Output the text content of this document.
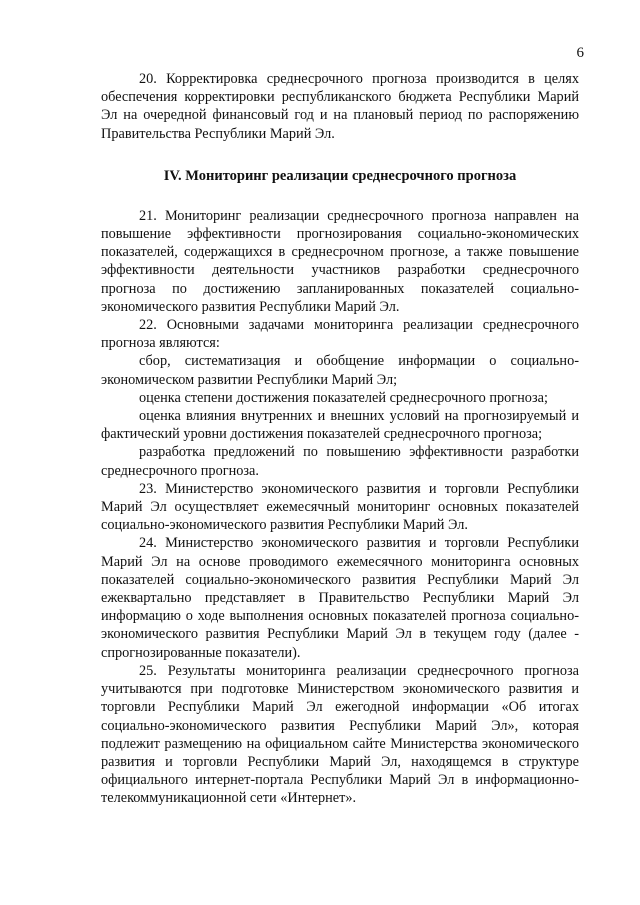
6

20. Корректировка среднесрочного прогноза производится в целях обеспечения корректировки республиканского бюджета Республики Марий Эл на очередной финансовый год и на плановый период по распоряжению Правительства Республики Марий Эл.

IV. Мониторинг реализации среднесрочного прогноза

21. Мониторинг реализации среднесрочного прогноза направлен на повышение эффективности прогнозирования социально-экономических показателей, содержащихся в среднесрочном прогнозе, а также повышение эффективности деятельности участников разработки среднесрочного прогноза по достижению запланированных показателей социально-экономического развития Республики Марий Эл.

22. Основными задачами мониторинга реализации среднесрочного прогноза являются:

сбор, систематизация и обобщение информации о социально-экономическом развитии Республики Марий Эл;

оценка степени достижения показателей среднесрочного прогноза;

оценка влияния внутренних и внешних условий на прогнозируемый и фактический уровни достижения показателей среднесрочного прогноза;

разработка предложений по повышению эффективности разработки среднесрочного прогноза.

23. Министерство экономического развития и торговли Республики Марий Эл осуществляет ежемесячный мониторинг основных показателей социально-экономического развития Республики Марий Эл.

24. Министерство экономического развития и торговли Республики Марий Эл на основе проводимого ежемесячного мониторинга основных показателей социально-экономического развития Республики Марий Эл ежеквартально представляет в Правительство Республики Марий Эл информацию о ходе выполнения основных показателей прогноза социально-экономического развития Республики Марий Эл в текущем году (далее - спрогнозированные показатели).

25. Результаты мониторинга реализации среднесрочного прогноза учитываются при подготовке Министерством экономического развития и торговли Республики Марий Эл ежегодной информации «Об итогах социально-экономического развития Республики Марий Эл», которая подлежит размещению на официальном сайте Министерства экономического развития и торговли Республики Марий Эл, находящемся в структуре официального интернет-портала Республики Марий Эл в информационно-телекоммуникационной сети «Интернет».
